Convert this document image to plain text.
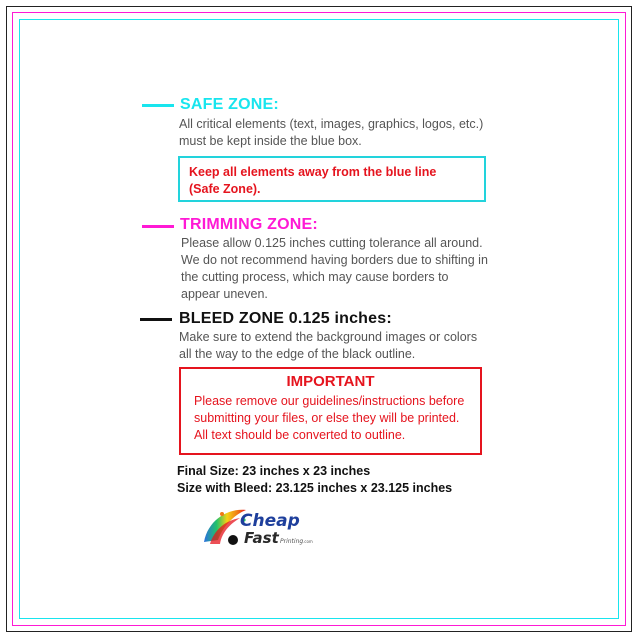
SAFE ZONE:
All critical elements (text, images, graphics, logos, etc.)
must be kept inside the blue box.
Keep all elements away from the blue line
(Safe Zone).
TRIMMING ZONE:
Please allow 0.125 inches cutting tolerance all around.
We do not recommend having borders due to shifting in
the cutting process, which may cause borders to
appear uneven.
BLEED ZONE 0.125 inches:
Make sure to extend the background images or colors
all the way to the edge of the black outline.
IMPORTANT
Please remove our guidelines/instructions before
submitting your files, or else they will be printed.
All text should be converted to outline.
Final Size: 23 inches x 23 inches
Size with Bleed: 23.125 inches x 23.125 inches
Cheap
Fast Printing .com
